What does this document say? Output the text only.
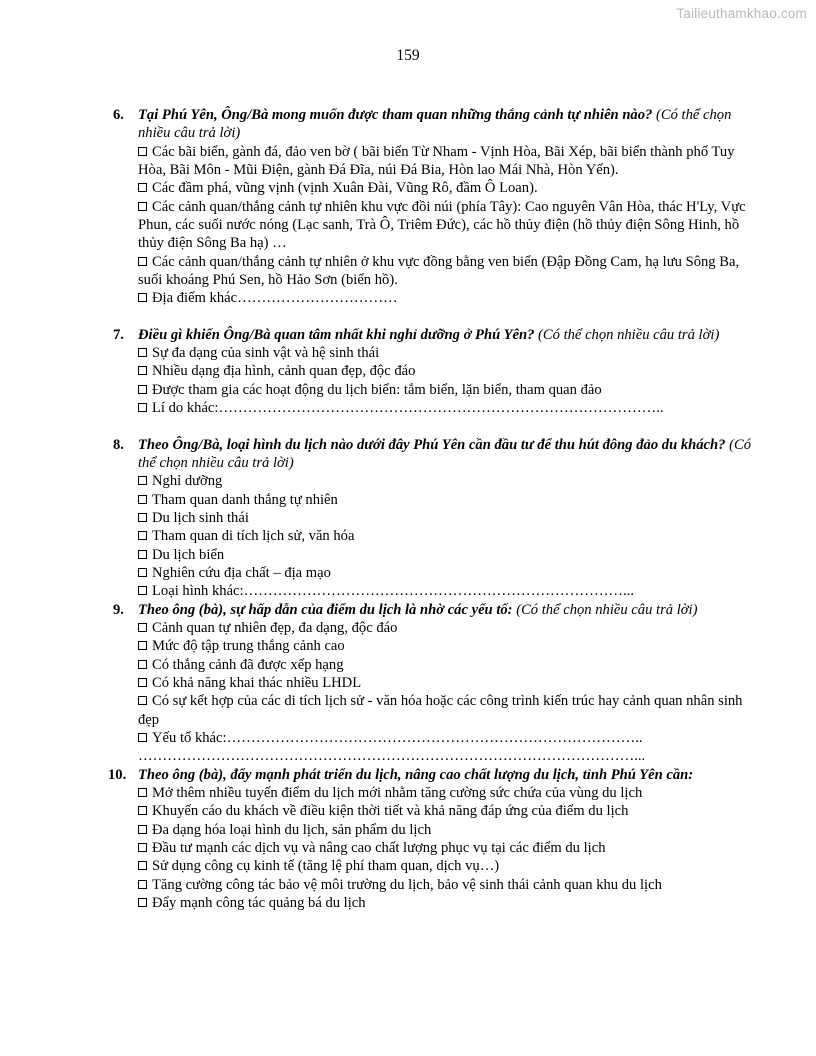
Tailieuthamkhao.com
159
6. Tại Phú Yên, Ông/Bà mong muốn được tham quan những thắng cảnh tự nhiên nào? (Có thể chọn nhiều câu trả lời)
Các bãi biển, gành đá, đảo ven bờ ( bãi biển Từ Nham - Vịnh Hòa, Bãi Xép, bãi biển thành phố Tuy Hòa, Bãi Môn - Mũi Điện, gành Đá Đĩa, núi Đá Bia, Hòn lao Mái Nhà, Hòn Yến).
Các đầm phá, vũng vịnh (vịnh Xuân Đài, Vũng Rô, đầm Ô Loan).
Các cảnh quan/thắng cảnh tự nhiên khu vực đồi núi (phía Tây): Cao nguyên Vân Hòa, thác H'Ly, Vực Phun, các suối nước nóng (Lạc sanh, Trà Ô, Triêm Đức), các hồ thủy điện (hồ thủy điện Sông Hinh, hồ thủy điện Sông Ba hạ) …
Các cảnh quan/thắng cảnh tự nhiên ở khu vực đồng bằng ven biển (Đập Đồng Cam, hạ lưu Sông Ba, suối khoáng Phú Sen, hồ Hảo Sơn (biển hồ).
Địa điểm khác……………………………
7. Điều gì khiến Ông/Bà quan tâm nhất khi nghỉ dưỡng ở Phú Yên? (Có thể chọn nhiều câu trả lời)
Sự đa dạng của sinh vật và hệ sinh thái
Nhiều dạng địa hình, cảnh quan đẹp, độc đáo
Được tham gia các hoạt động du lịch biển: tắm biển, lặn biển, tham quan đảo
Lí do khác:………………………………………………………………………………..
8. Theo Ông/Bà, loại hình du lịch nào dưới đây Phú Yên cần đầu tư để thu hút đông đảo du khách? (Có thể chọn nhiều câu trả lời)
Nghỉ dưỡng
Tham quan danh thắng tự nhiên
Du lịch sinh thái
Tham quan di tích lịch sử, văn hóa
Du lịch biển
Nghiên cứu địa chất – địa mạo
Loại hình khác:……………………………………………………………………...
9. Theo ông (bà), sự hấp dẫn của điểm du lịch là nhờ các yếu tố: (Có thể chọn nhiều câu trả lời)
Cảnh quan tự nhiên đẹp, đa dạng, độc đáo
Mức độ tập trung thắng cảnh cao
Có thắng cảnh đã được xếp hạng
Có khả năng khai thác nhiều LHDL
Có sự kết hợp của các di tích lịch sử - văn hóa hoặc các công trình kiến trúc hay cảnh quan nhân sinh đẹp
Yếu tố khác:…………………………………………………………………………..
…………………………………………………………………………………………...
10. Theo ông (bà), đẩy mạnh phát triển du lịch, nâng cao chất lượng du lịch, tỉnh Phú Yên cần:
Mở thêm nhiều tuyến điểm du lịch mới nhằm tăng cường sức chứa của vùng du lịch
Khuyến cáo du khách về điều kiện thời tiết và khả năng đáp ứng của điểm du lịch
Đa dạng hóa loại hình du lịch, sản phẩm du lịch
Đầu tư mạnh các dịch vụ và nâng cao chất lượng phục vụ tại các điểm du lịch
Sử dụng công cụ kinh tế (tăng lệ phí tham quan, dịch vụ…)
Tăng cường công tác bảo vệ môi trường du lịch, bảo vệ sinh thái cảnh quan khu du lịch
Đẩy mạnh công tác quảng bá du lịch
